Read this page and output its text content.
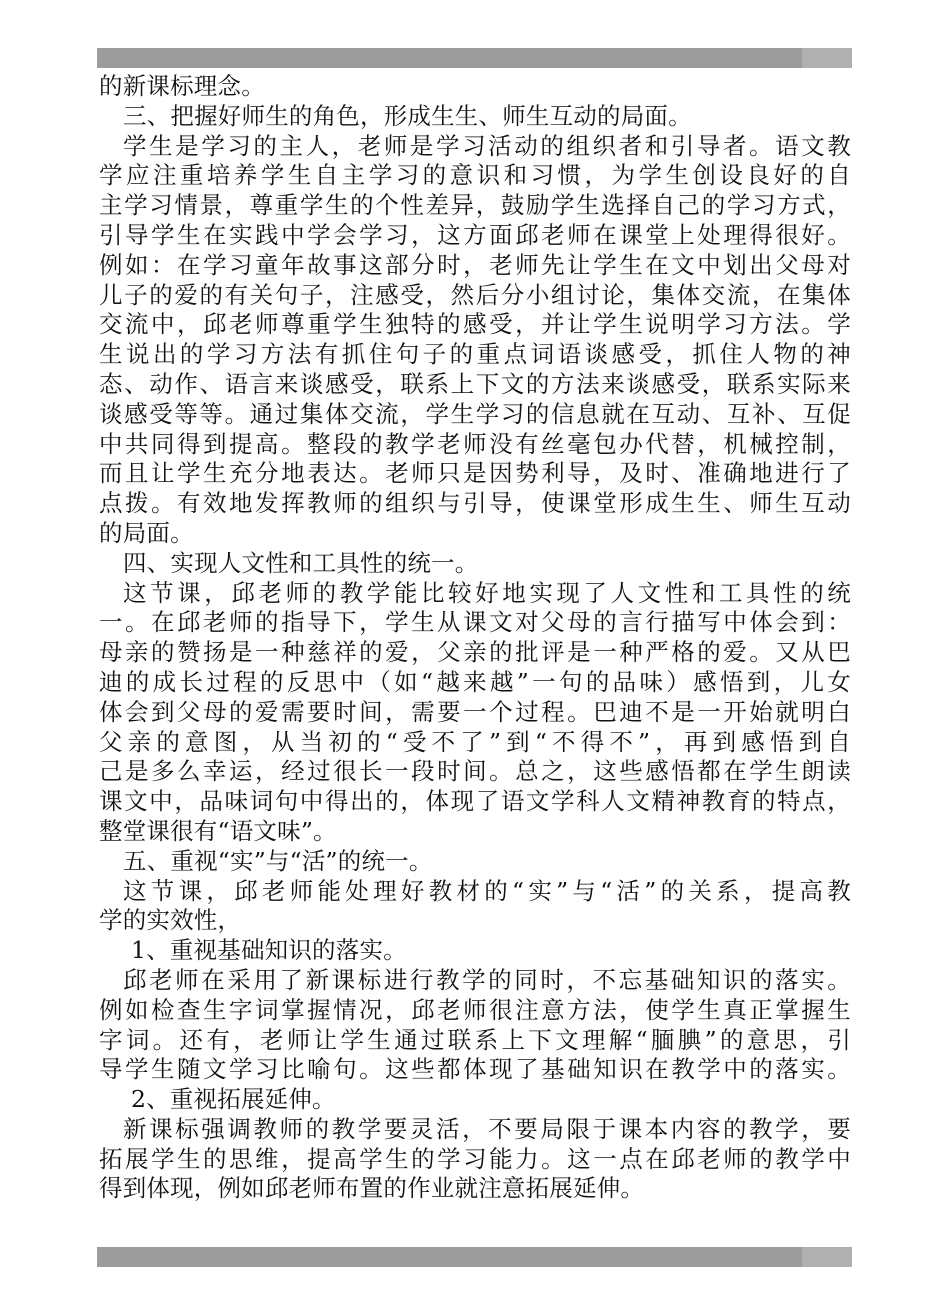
的新课标理念。

三、把握好师生的角色，形成生生、师生互动的局面。

学生是学习的主人，老师是学习活动的组织者和引导者。语文教

学应注重培养学生自主学习的意识和习惯，为学生创设良好的自

主学习情景，尊重学生的个性差异，鼓励学生选择自己的学习方式，

引导学生在实践中学会学习，这方面邱老师在课堂上处理得很好。

例如：在学习童年故事这部分时，老师先让学生在文中划出父母对

儿子的爱的有关句子，注感受，然后分小组讨论，集体交流，在集体

交流中，邱老师尊重学生独特的感受，并让学生说明学习方法。学

生说出的学习方法有抓住句子的重点词语谈感受，抓住人物的神

态、动作、语言来谈感受，联系上下文的方法来谈感受，联系实际来

谈感受等等。通过集体交流，学生学习的信息就在互动、互补、互促

中共同得到提高。整段的教学老师没有丝毫包办代替，机械控制，

而且让学生充分地表达。老师只是因势利导，及时、准确地进行了

点拨。有效地发挥教师的组织与引导，使课堂形成生生、师生互动

的局面。

四、实现人文性和工具性的统一。

这节课，邱老师的教学能比较好地实现了人文性和工具性的统

一。在邱老师的指导下，学生从课文对父母的言行描写中体会到：

母亲的赞扬是一种慈祥的爱，父亲的批评是一种严格的爱。又从巴

迪的成长过程的反思中（如“越来越”一句的品味）感悟到，儿女

体会到父母的爱需要时间，需要一个过程。巴迪不是一开始就明白

父亲的意图，从当初的“受不了”到“不得不”，再到感悟到自

己是多么幸运，经过很长一段时间。总之，这些感悟都在学生朗读

课文中，品味词句中得出的，体现了语文学科人文精神教育的特点，

整堂课很有“语文味”。

五、重视“实”与“活”的统一。

这节课，邱老师能处理好教材的“实”与“活”的关系，提高教

学的实效性，

1、重视基础知识的落实。

邱老师在采用了新课标进行教学的同时，不忘基础知识的落实。

例如检查生字词掌握情况，邱老师很注意方法，使学生真正掌握生

字词。还有，老师让学生通过联系上下文理解“腼腆”的意思，引

导学生随文学习比喻句。这些都体现了基础知识在教学中的落实。

2、重视拓展延伸。

新课标强调教师的教学要灵活，不要局限于课本内容的教学，要

拓展学生的思维，提高学生的学习能力。这一点在邱老师的教学中

得到体现，例如邱老师布置的作业就注意拓展延伸。
